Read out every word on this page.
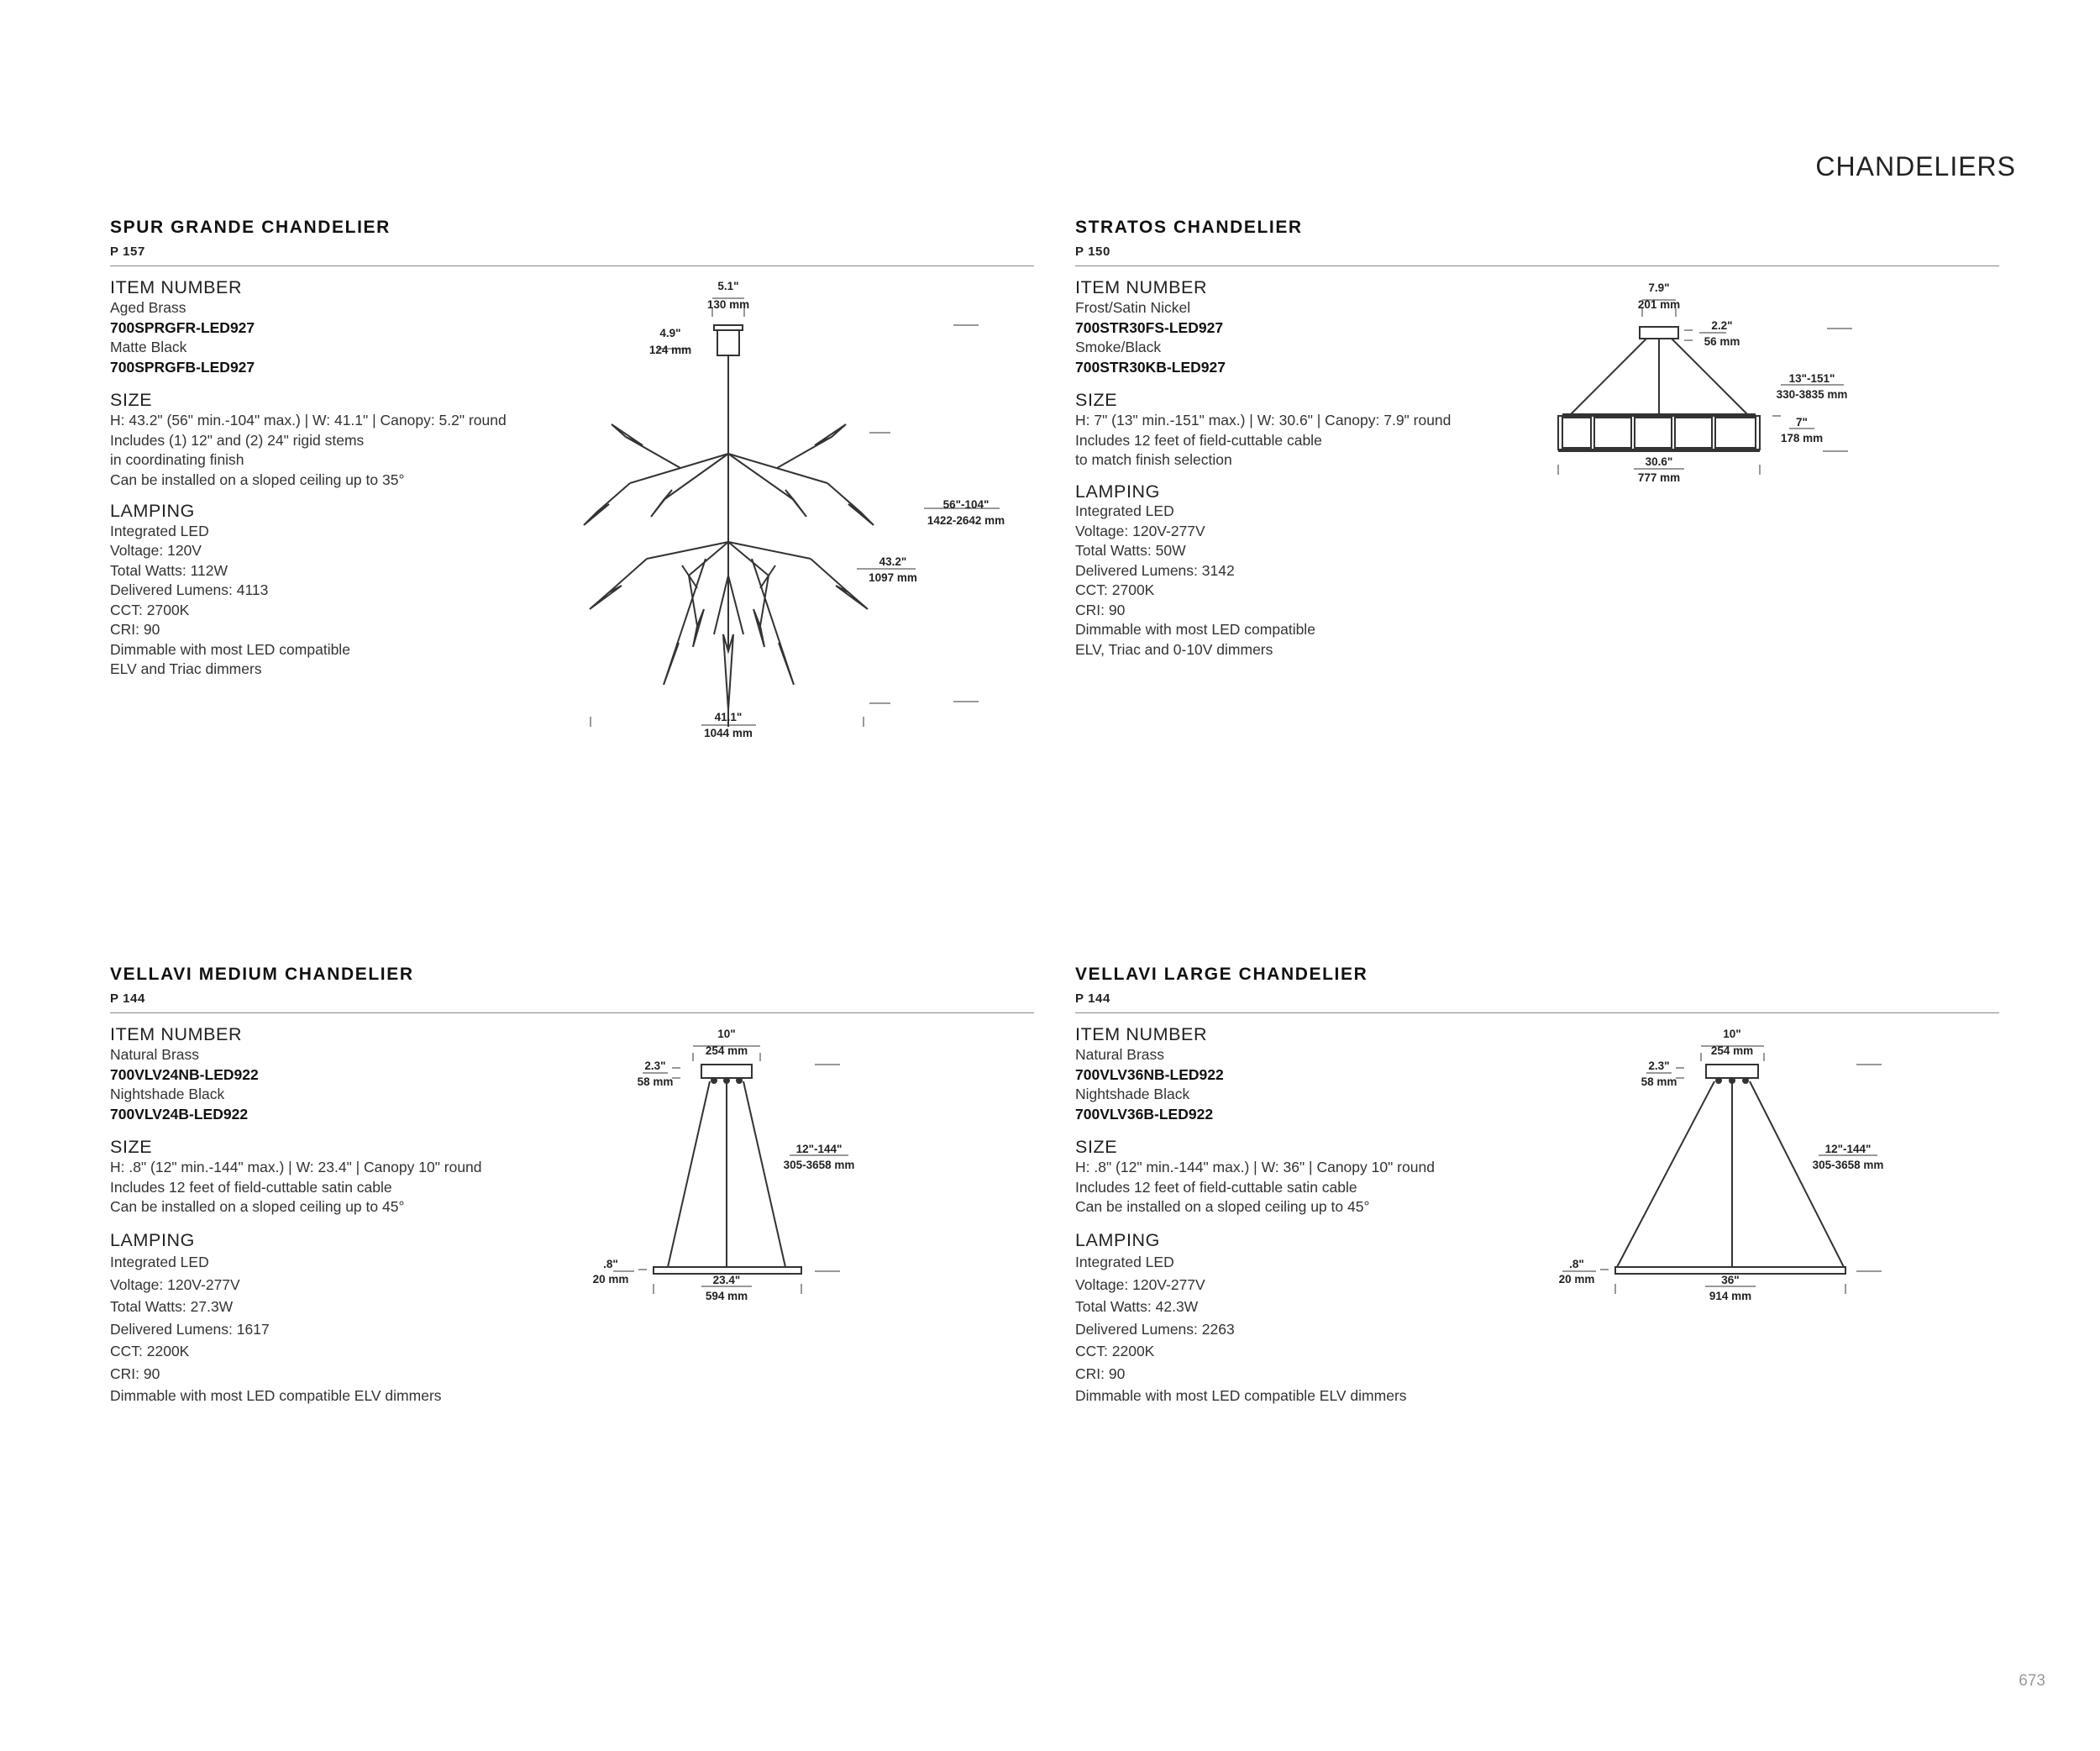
CHANDELIERS
SPUR GRANDE CHANDELIER
P 157
ITEM NUMBER
Aged Brass
700SPRGFR-LED927
Matte Black
700SPRGFB-LED927
SIZE
H: 43.2" (56" min.-104" max.) | W: 41.1" | Canopy: 5.2" round
Includes (1) 12" and (2) 24" rigid stems
in coordinating finish
Can be installed on a sloped ceiling up to 35°
LAMPING
Integrated LED
Voltage: 120V
Total Watts: 112W
Delivered Lumens: 4113
CCT: 2700K
CRI: 90
Dimmable with most LED compatible
ELV and Triac dimmers
5.1"
130 mm
4.9"
124 mm
56"-104"
1422-2642 mm
43.2"
1097 mm
41.1"
1044 mm
STRATOS CHANDELIER
P 150
ITEM NUMBER
Frost/Satin Nickel
700STR30FS-LED927
Smoke/Black
700STR30KB-LED927
SIZE
H: 7" (13" min.-151" max.) | W: 30.6" | Canopy: 7.9" round
Includes 12 feet of field-cuttable cable
to match finish selection
LAMPING
Integrated LED
Voltage: 120V-277V
Total Watts: 50W
Delivered Lumens: 3142
CCT: 2700K
CRI: 90
Dimmable with most LED compatible
ELV, Triac and 0-10V dimmers
7.9"
201 mm
2.2"
56 mm
13"-151"
330-3835 mm
7"
178 mm
30.6"
777 mm
VELLAVI MEDIUM CHANDELIER
P 144
ITEM NUMBER
Natural Brass
700VLV24NB-LED922
Nightshade Black
700VLV24B-LED922
SIZE
H: .8" (12" min.-144" max.) | W: 23.4" | Canopy 10" round
Includes 12 feet of field-cuttable satin cable
Can be installed on a sloped ceiling up to 45°
LAMPING
Integrated LED
Voltage: 120V-277V
Total Watts: 27.3W
Delivered Lumens: 1617
CCT: 2200K
CRI: 90
Dimmable with most LED compatible ELV dimmers
10"
254 mm
2.3"
58 mm
12"-144"
305-3658 mm
.8"
20 mm	23.4"
594 mm
VELLAVI LARGE CHANDELIER
P 144
ITEM NUMBER
Natural Brass
700VLV36NB-LED922
Nightshade Black
700VLV36B-LED922
SIZE
H: .8" (12" min.-144" max.) | W: 36" | Canopy 10" round
Includes 12 feet of field-cuttable satin cable
Can be installed on a sloped ceiling up to 45°
LAMPING
Integrated LED
Voltage: 120V-277V
Total Watts: 42.3W
Delivered Lumens: 2263
CCT: 2200K
CRI: 90
Dimmable with most LED compatible ELV dimmers
10"
254 mm
2.3"
58 mm
12"-144"
305-3658 mm
.8"
20 mm	36"
914 mm
673
